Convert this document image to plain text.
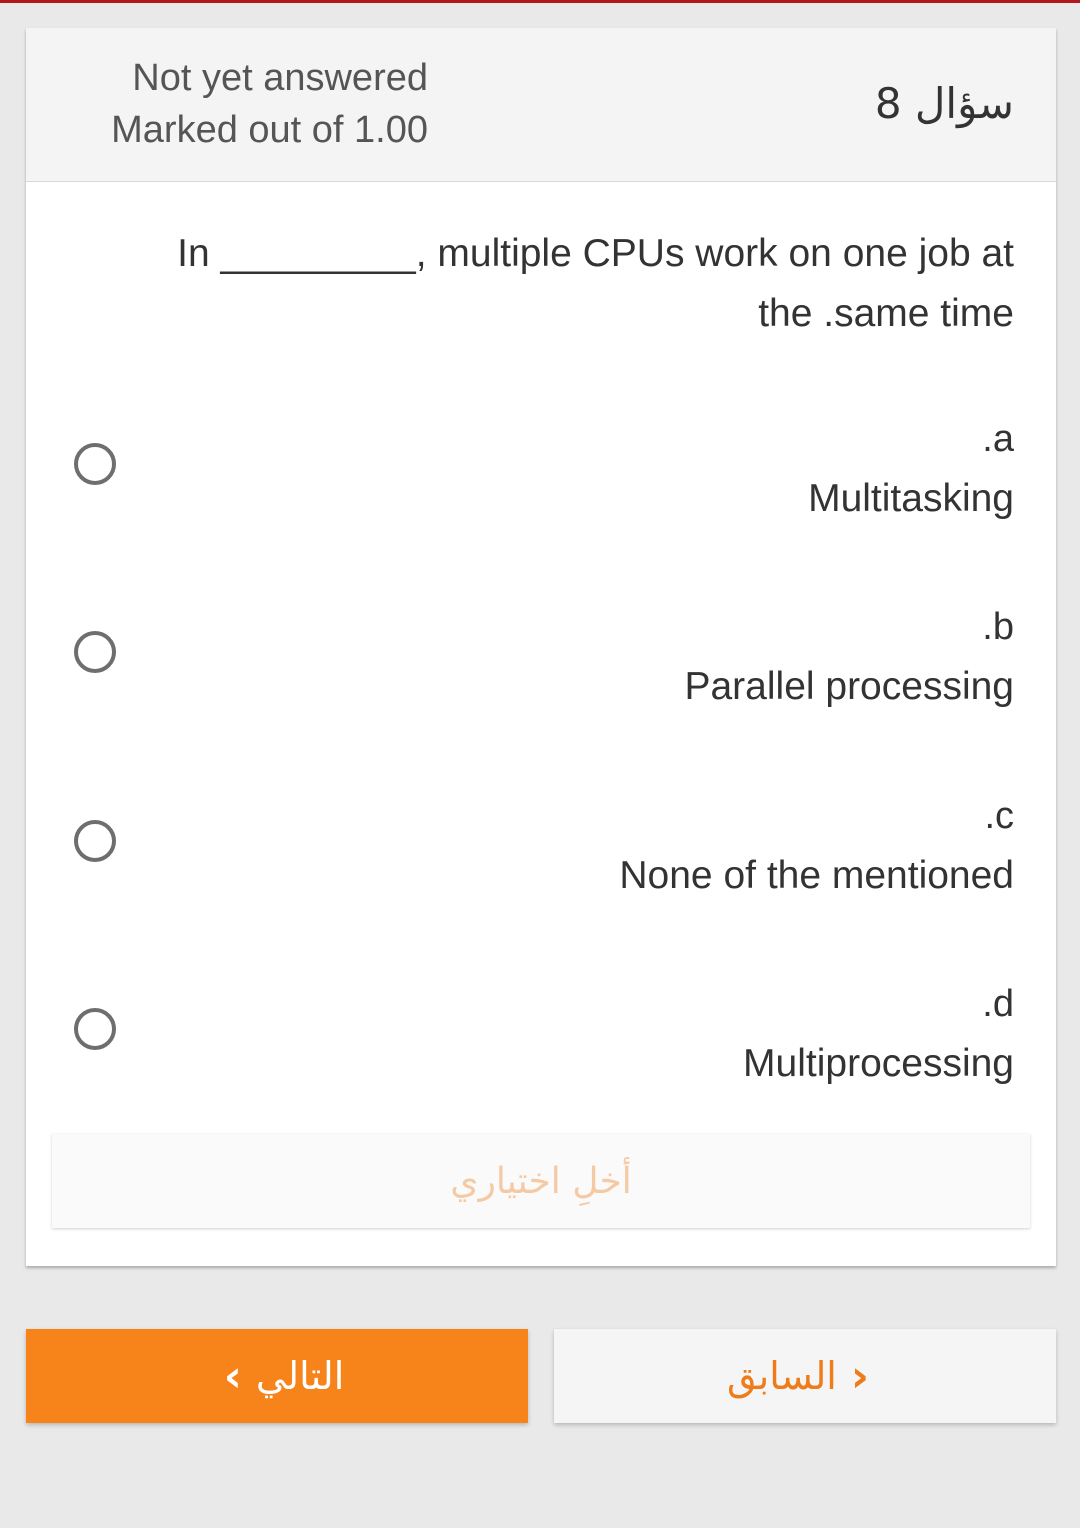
Not yet answered
Marked out of 1.00
سؤال 8
In _________, multiple CPUs work on one job at the .same time
.a
Multitasking
.b
Parallel processing
.c
None of the mentioned
.d
Multiprocessing
أخلِ اختياري
‹ التالي	السابق ›
